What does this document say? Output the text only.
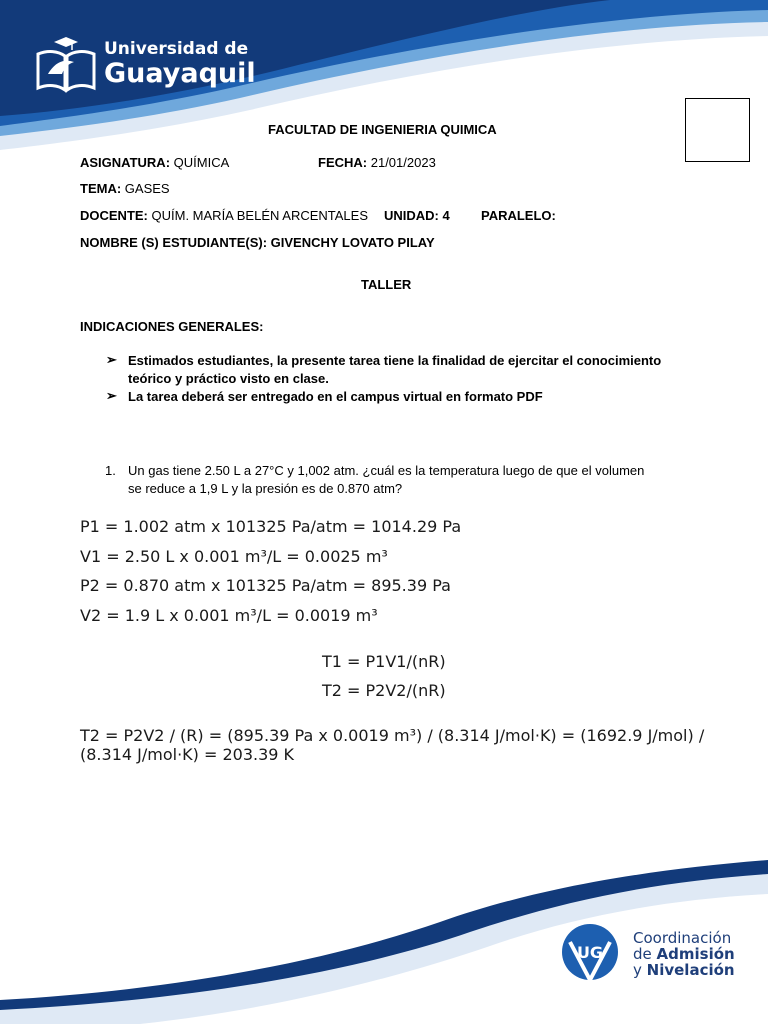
Universidad de
Guayaquil
FACULTAD DE INGENIERIA QUIMICA
ASIGNATURA: QUÍMICA	FECHA: 21/01/2023
TEMA: GASES
DOCENTE: QUÍM. MARÍA BELÉN ARCENTALES UNIDAD: 4 PARALELO:
NOMBRE (S) ESTUDIANTE(S): GIVENCHY LOVATO PILAY
TALLER
INDICACIONES GENERALES:
➢ Estimados estudiantes, la presente tarea tiene la finalidad de ejercitar el conocimiento
teórico y práctico visto en clase.
➢ La tarea deberá ser entregado en el campus virtual en formato PDF
1. Un gas tiene 2.50 L a 27°C y 1,002 atm. ¿cuál es la temperatura luego de que el volumen
se reduce a 1,9 L y la presión es de 0.870 atm?
P1 = 1.002 atm x 101325 Pa/atm = 1014.29 Pa
V1 = 2.50 L x 0.001 m³/L = 0.0025 m³
P2 = 0.870 atm x 101325 Pa/atm = 895.39 Pa
V2 = 1.9 L x 0.001 m³/L = 0.0019 m³
T1 = P1V1/(nR)
T2 = P2V2/(nR)
T2 = P2V2 / (R) = (895.39 Pa x 0.0019 m³) / (8.314 J/mol·K) = (1692.9 J/mol) /
(8.314 J/mol·K) = 203.39 K
UG
Coordinación
de Admisión
y Nivelación
